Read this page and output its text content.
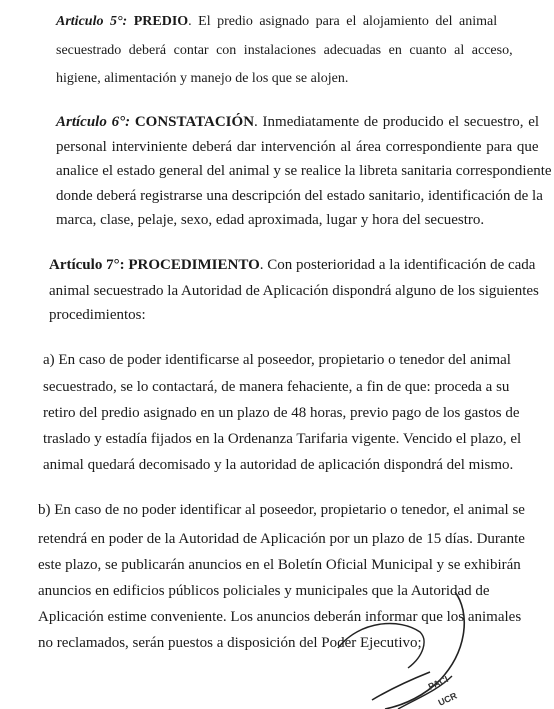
Articulo 5°: PREDIO. El predio asignado para el alojamiento del animal
secuestrado deberá contar con instalaciones adecuadas en cuanto al acceso,
higiene, alimentación y manejo de los que se alojen.
Artículo 6°: CONSTATACIÓN. Inmediatamente de producido el secuestro, el
personal interviniente deberá dar intervención al área correspondiente para que
analice el estado general del animal y se realice la libreta sanitaria correspondiente
donde deberá registrarse una descripción del estado sanitario, identificación de la
marca, clase, pelaje, sexo, edad aproximada, lugar y hora del secuestro.
Artículo 7°: PROCEDIMIENTO. Con posterioridad a la identificación de cada
animal secuestrado la Autoridad de Aplicación dispondrá alguno de los siguientes
procedimientos:
a) En caso de poder identificarse al poseedor, propietario o tenedor del animal
secuestrado, se lo contactará, de manera fehaciente, a fin de que: proceda a su
retiro del predio asignado en un plazo de 48 horas, previo pago de los gastos de
traslado y estadía fijados en la Ordenanza Tarifaria vigente. Vencido el plazo, el
animal quedará decomisado y la autoridad de aplicación dispondrá del mismo.
b) En caso de no poder identificar al poseedor, propietario o tenedor, el animal se
retendrá en poder de la Autoridad de Aplicación por un plazo de 15 días. Durante
este plazo, se publicarán anuncios en el Boletín Oficial Municipal y se exhibirán
anuncios en edificios públicos policiales y municipales que la Autoridad de
Aplicación estime conveniente. Los anuncios deberán informar que los animales
no reclamados, serán puestos a disposición del Poder Ejecutivo;
PACI
UCR
